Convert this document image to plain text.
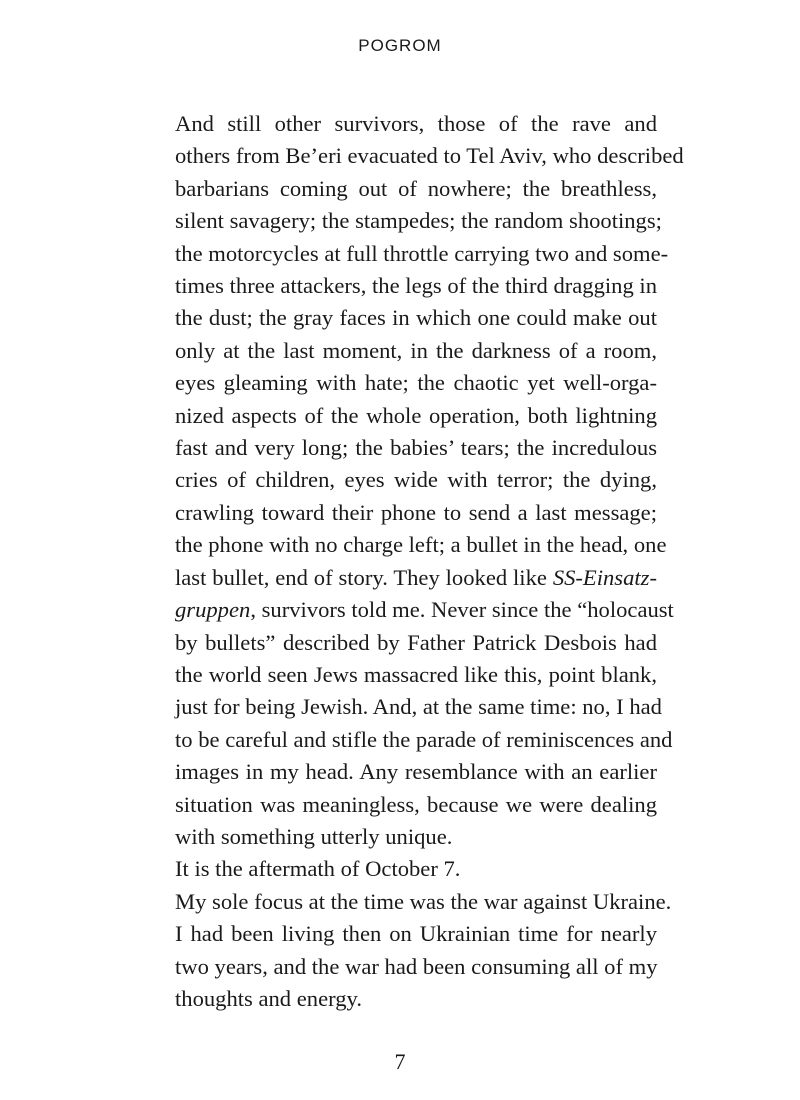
POGROM

And still other survivors, those of the rave and
others from Be’eri evacuated to Tel Aviv, who described
barbarians coming out of nowhere; the breathless,
silent savagery; the stampedes; the random shootings;
the motorcycles at full throttle carrying two and some-
times three attackers, the legs of the third dragging in
the dust; the gray faces in which one could make out
only at the last moment, in the darkness of a room,
eyes gleaming with hate; the chaotic yet well-orga-
nized aspects of the whole operation, both lightning
fast and very long; the babies’ tears; the incredulous
cries of children, eyes wide with terror; the dying,
crawling toward their phone to send a last message;
the phone with no charge left; a bullet in the head, one
last bullet, end of story. They looked like SS-Einsatz-
gruppen, survivors told me. Never since the “holocaust
by bullets” described by Father Patrick Desbois had
the world seen Jews massacred like this, point blank,
just for being Jewish. And, at the same time: no, I had
to be careful and stifle the parade of reminiscences and
images in my head. Any resemblance with an earlier
situation was meaningless, because we were dealing
with something utterly unique.

It is the aftermath of October 7.

My sole focus at the time was the war against Ukraine.

I had been living then on Ukrainian time for nearly
two years, and the war had been consuming all of my
thoughts and energy.

7
